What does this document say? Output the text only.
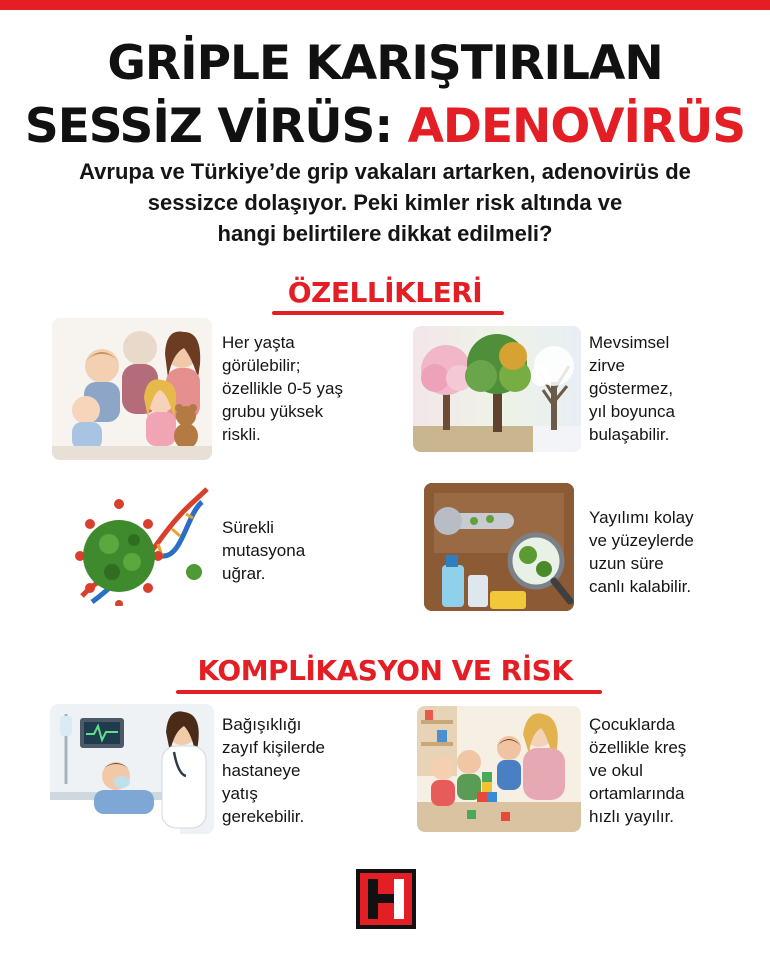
GRİPLE KARIŞTIRILAN
SESSİZ VİRÜS: ADENOVİRÜS
Avrupa ve Türkiye’de grip vakaları artarken, adenovirüs de
sessizce dolaşıyor. Peki kimler risk altında ve
hangi belirtilere dikkat edilmeli?
ÖZELLİKLERİ
Her yaşta
görülebilir;
özellikle 0-5 yaş
grubu yüksek
riskli.
Mevsimsel
zirve
göstermez,
yıl boyunca
bulaşabilir.
Sürekli
mutasyona
uğrar.
Yayılımı kolay
ve yüzeylerde
uzun süre
canlı kalabilir.
KOMPLİKASYON VE RİSK
Bağışıklığı
zayıf kişilerde
hastaneye
yatış
gerekebilir.
Çocuklarda
özellikle kreş
ve okul
ortamlarında
hızlı yayılır.
